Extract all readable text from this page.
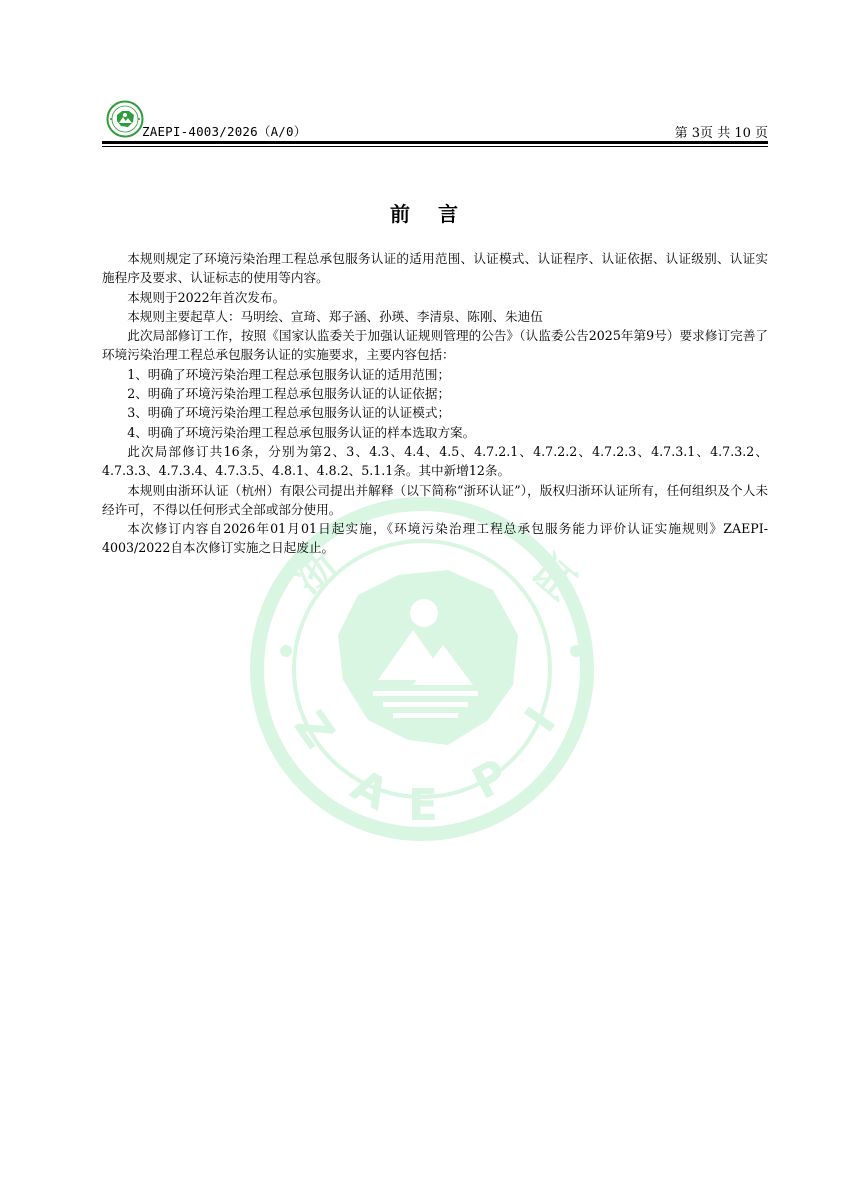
浙	证
Z
A E P
I
ZAEPI-4003/2026（A/0）	第 3页 共 10 页
前言

本规则规定了环境污染治理工程总承包服务认证的适用范围、认证模式、认证程序、认证依据、认证级别、认证实施程序及要求、认证标志的使用等内容。

本规则于2022年首次发布。

本规则主要起草人：马明绘、宣琦、郑子涵、孙瑛、李清泉、陈刚、朱迪伍

此次局部修订工作，按照《国家认监委关于加强认证规则管理的公告》（认监委公告2025年第9号）要求修订完善了环境污染治理工程总承包服务认证的实施要求，主要内容包括：

1、明确了环境污染治理工程总承包服务认证的适用范围；

2、明确了环境污染治理工程总承包服务认证的认证依据；

3、明确了环境污染治理工程总承包服务认证的认证模式；

4、明确了环境污染治理工程总承包服务认证的样本选取方案。

此次局部修订共16条，分别为第2、3、4.3、4.4、4.5、4.7.2.1、4.7.2.2、4.7.2.3、4.7.3.1、4.7.3.2、4.7.3.3、4.7.3.4、4.7.3.5、4.8.1、4.8.2、5.1.1条。其中新增12条。

本规则由浙环认证（杭州）有限公司提出并解释（以下简称“浙环认证”），版权归浙环认证所有，任何组织及个人未经许可，不得以任何形式全部或部分使用。

本次修订内容自2026年01月01日起实施，《环境污染治理工程总承包服务能力评价认证实施规则》ZAEPI-4003/2022自本次修订实施之日起废止。
